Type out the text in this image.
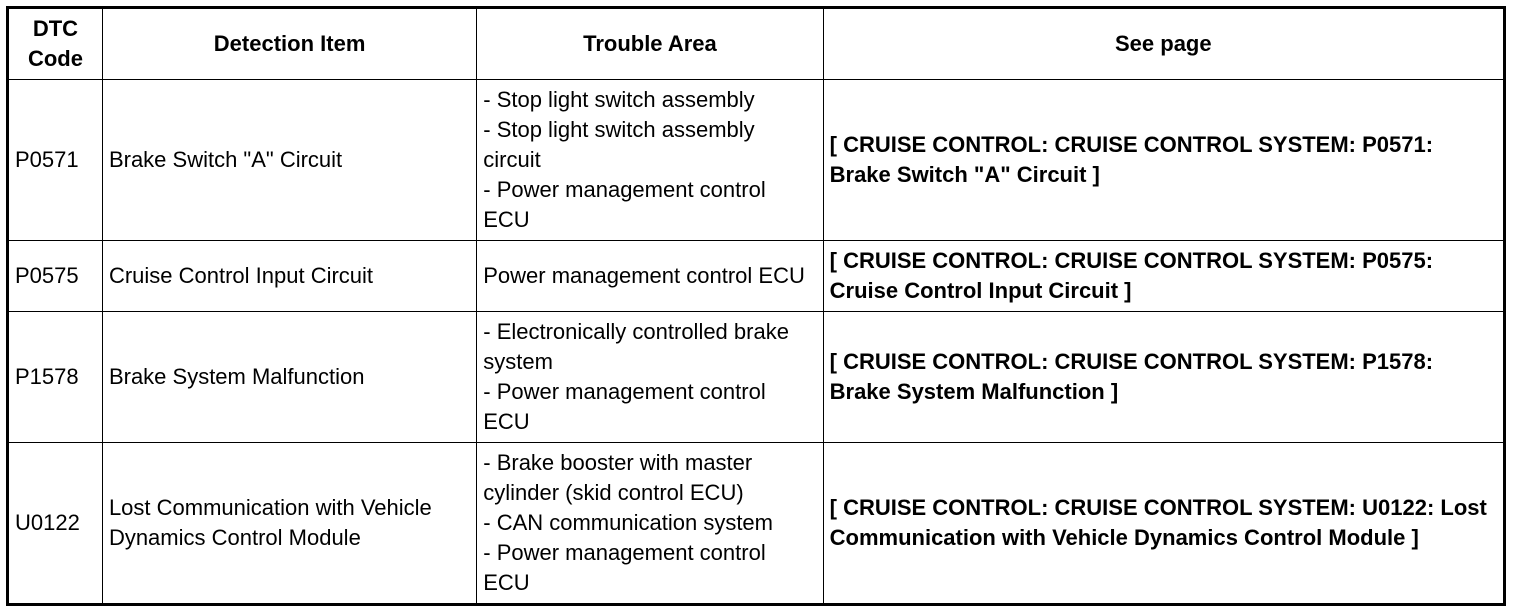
DTC Code	Detection Item	Trouble Area	See page
P0571	Brake Switch "A" Circuit	- Stop light switch assembly
- Stop light switch assembly circuit
- Power management control ECU	[ CRUISE CONTROL: CRUISE CONTROL SYSTEM: P0571: Brake Switch "A" Circuit ]
P0575	Cruise Control Input Circuit	Power management control ECU	[ CRUISE CONTROL: CRUISE CONTROL SYSTEM: P0575: Cruise Control Input Circuit ]
P1578	Brake System Malfunction	- Electronically controlled brake system
- Power management control ECU	[ CRUISE CONTROL: CRUISE CONTROL SYSTEM: P1578: Brake System Malfunction ]
U0122	Lost Communication with Vehicle Dynamics Control Module	- Brake booster with master cylinder (skid control ECU)
- CAN communication system
- Power management control ECU	[ CRUISE CONTROL: CRUISE CONTROL SYSTEM: U0122: Lost Communication with Vehicle Dynamics Control Module ]
